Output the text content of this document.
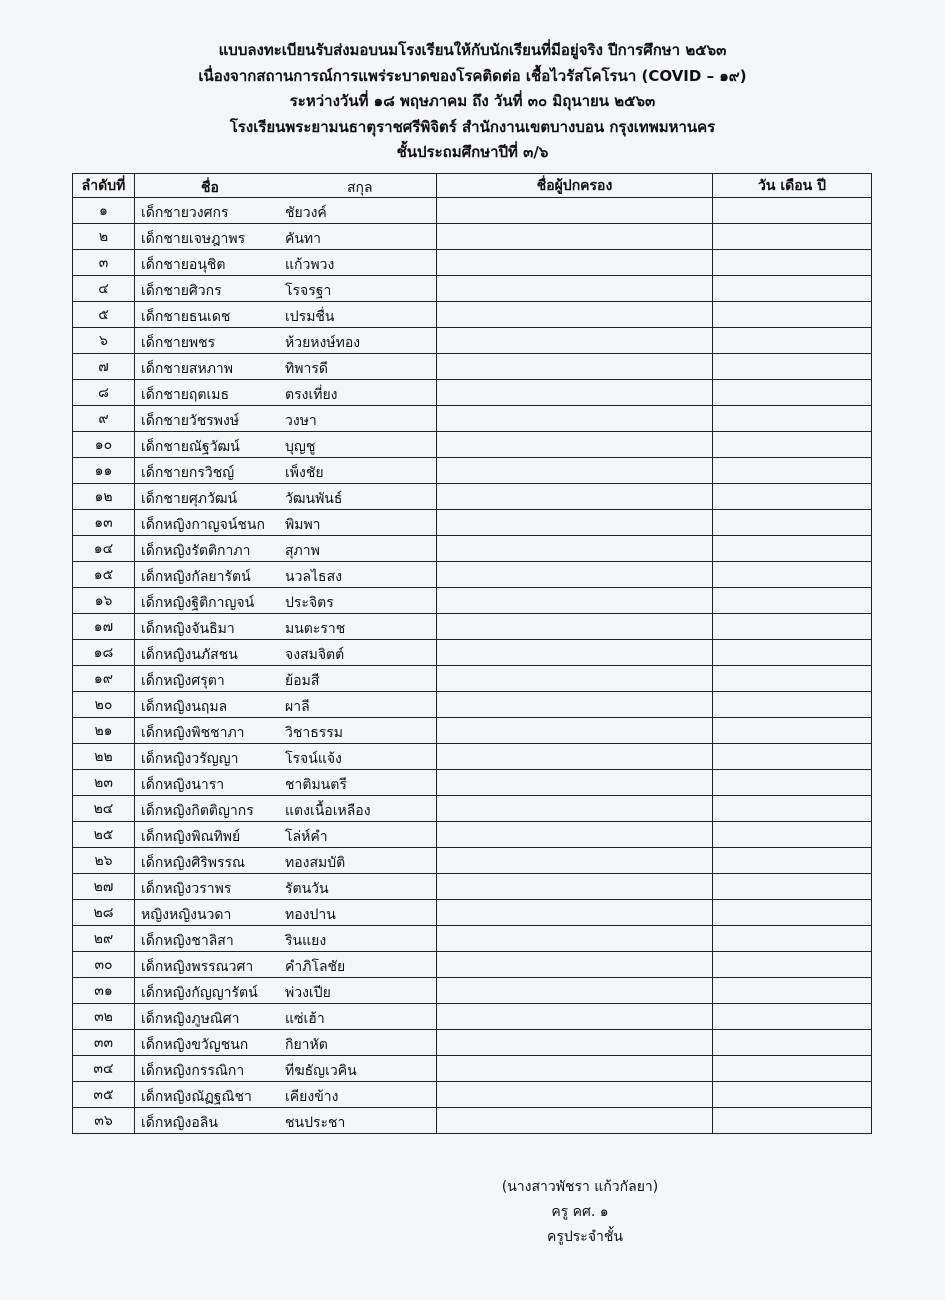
แบบลงทะเบียนรับส่งมอบนมโรงเรียนให้กับนักเรียนที่มีอยู่จริง ปีการศึกษา ๒๕๖๓
เนื่องจากสถานการณ์การแพร่ระบาดของโรคติดต่อ เชื้อไวรัสโคโรนา (COVID – ๑๙)
ระหว่างวันที่ ๑๘ พฤษภาคม ถึง วันที่ ๓๐ มิถุนายน ๒๕๖๓
โรงเรียนพระยามนธาตุราชศรีพิจิตร์ สำนักงานเขตบางบอน กรุงเทพมหานคร
ชั้นประถมศึกษาปีที่ ๓/๖
ลำดับที่	ชื่อ สกุล	ชื่อผู้ปกครอง	วัน เดือน ปี
๑	เด็กชายวงศกร ชัยวงค์		

๒	เด็กชายเจษฎาพร คันทา		

๓	เด็กชายอนุชิต แก้วพวง		

๔	เด็กชายศิวกร โรจรฐา		

๕	เด็กชายธนเดช เปรมชื่น		

๖	เด็กชายพชร ห้วยหงษ์ทอง		

๗	เด็กชายสหภาพ ทิพารดี		

๘	เด็กชายฤตเมธ ตรงเที่ยง		

๙	เด็กชายวัชรพงษ์ วงษา		

๑๐	เด็กชายณัฐวัฒน์ บุญชู		

๑๑	เด็กชายกรวิชญ์ เพ็งชัย		

๑๒	เด็กชายศุภวัฒน์ วัฒนพันธ์		

๑๓	เด็กหญิงกาญจน์ชนก พิมพา		

๑๔	เด็กหญิงรัตติกาภา สุภาพ		

๑๕	เด็กหญิงกัลยารัตน์ นวลไธสง		

๑๖	เด็กหญิงฐิติกาญจน์ ประจิตร		

๑๗	เด็กหญิงจันธิมา มนตะราช		

๑๘	เด็กหญิงนภัสชน จงสมจิตต์		

๑๙	เด็กหญิงศรุตา ย้อมสี		

๒๐	เด็กหญิงนฤมล ผาลี		

๒๑	เด็กหญิงพิชชาภา วิชาธรรม		

๒๒	เด็กหญิงวรัญญา โรจน์แจ้ง		

๒๓	เด็กหญิงนารา ชาติมนตรี		

๒๔	เด็กหญิงกิตติญากร แตงเนื้อเหลือง		

๒๕	เด็กหญิงพิณทิพย์ โล่ห์คำ		

๒๖	เด็กหญิงศิริพรรณ ทองสมบัติ		

๒๗	เด็กหญิงวราพร รัตนวัน		

๒๘	หญิงหญิงนวดา ทองปาน		

๒๙	เด็กหญิงชาลิสา รินแยง		

๓๐	เด็กหญิงพรรณวศา คำภิโลชัย		

๓๑	เด็กหญิงกัญญารัตน์ พ่วงเปีย		

๓๒	เด็กหญิงภูษณิศา แซ่เฮ้า		

๓๓	เด็กหญิงขวัญชนก กิยาหัต		

๓๔	เด็กหญิงกรรณิกา ทีฆธัญเวคิน		

๓๕	เด็กหญิงณัฏฐณิชา เคียงข้าง		

๓๖	เด็กหญิงอลิน ชนประชา		

(นางสาวพัชรา แก้วกัลยา)
ครู คศ. ๑
ครูประจำชั้น
